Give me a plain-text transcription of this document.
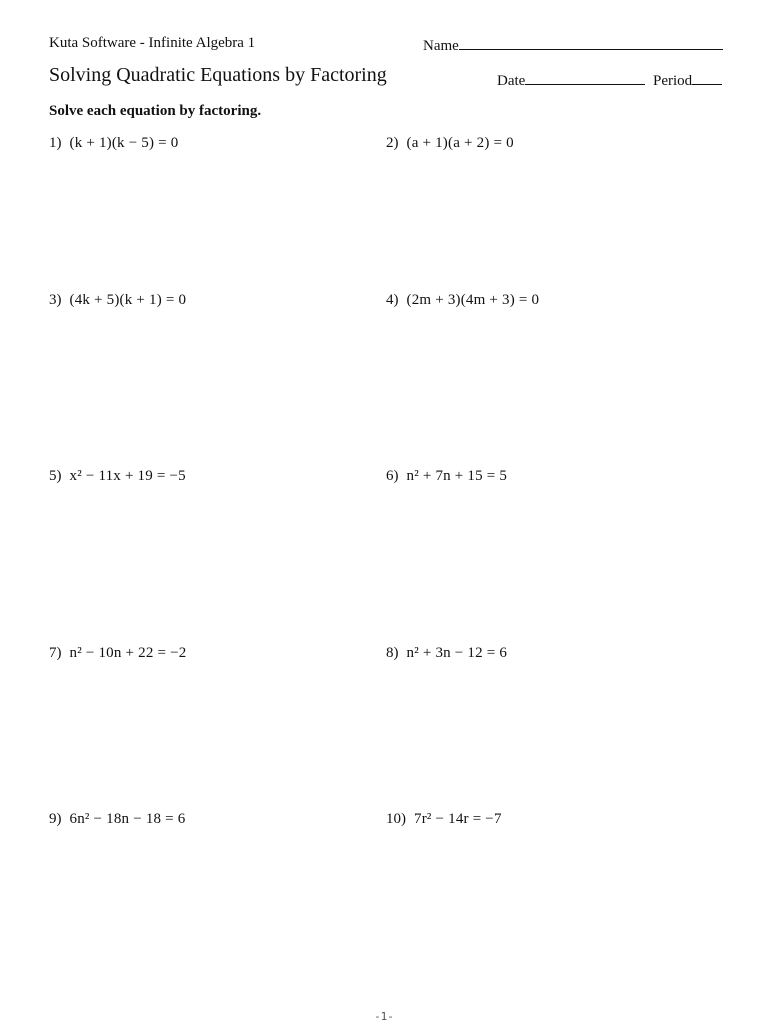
Kuta Software - Infinite Algebra 1	Name
Solving Quadratic Equations by Factoring	Date	Period
Solve each equation by factoring.
1) (k + 1)(k − 5) = 0	2) (a + 1)(a + 2) = 0
3) (4k + 5)(k + 1) = 0	4) (2m + 3)(4m + 3) = 0
5) x² − 11x + 19 = −5	6) n² + 7n + 15 = 5
7) n² − 10n + 22 = −2	8) n² + 3n − 12 = 6
9) 6n² − 18n − 18 = 6	10) 7r² − 14r = −7
-1-
